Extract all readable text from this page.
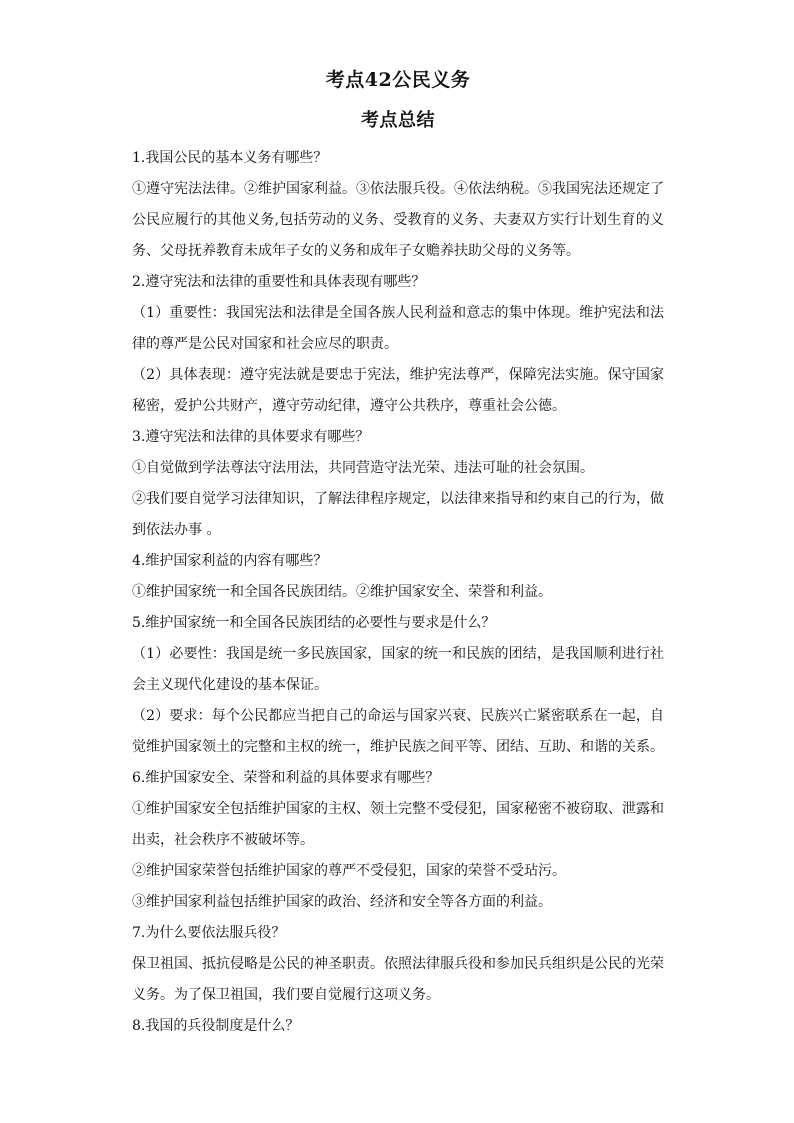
考点42公民义务
考点总结

1.我国公民的基本义务有哪些？

①遵守宪法法律。②维护国家利益。③依法服兵役。④依法纳税。⑤我国宪法还规定了公民应履行的其他义务,包括劳动的义务、受教育的义务、夫妻双方实行计划生育的义务、父母抚养教育未成年子女的义务和成年子女赡养扶助父母的义务等。

2.遵守宪法和法律的重要性和具体表现有哪些？

（1）重要性：我国宪法和法律是全国各族人民利益和意志的集中体现。维护宪法和法律的尊严是公民对国家和社会应尽的职责。

（2）具体表现：遵守宪法就是要忠于宪法，维护宪法尊严，保障宪法实施。保守国家秘密，爱护公共财产，遵守劳动纪律，遵守公共秩序，尊重社会公德。

3.遵守宪法和法律的具体要求有哪些？

①自觉做到学法尊法守法用法，共同营造守法光荣、违法可耻的社会氛围。

②我们要自觉学习法律知识，了解法律程序规定，以法律来指导和约束自己的行为，做到依法办事 。

4.维护国家利益的内容有哪些？

①维护国家统一和全国各民族团结。②维护国家安全、荣誉和利益。

5.维护国家统一和全国各民族团结的必要性与要求是什么？

（1）必要性：我国是统一多民族国家，国家的统一和民族的团结，是我国顺利进行社会主义现代化建设的基本保证。

（2）要求：每个公民都应当把自己的命运与国家兴衰、民族兴亡紧密联系在一起，自觉维护国家领土的完整和主权的统一，维护民族之间平等、团结、互助、和谐的关系。

6.维护国家安全、荣誉和利益的具体要求有哪些？

①维护国家安全包括维护国家的主权、领土完整不受侵犯，国家秘密不被窃取、泄露和出卖，社会秩序不被破坏等。

②维护国家荣誉包括维护国家的尊严不受侵犯，国家的荣誉不受玷污。

③维护国家利益包括维护国家的政治、经济和安全等各方面的利益。

7.为什么要依法服兵役？

保卫祖国、抵抗侵略是公民的神圣职责。依照法律服兵役和参加民兵组织是公民的光荣义务。为了保卫祖国，我们要自觉履行这项义务。

8.我国的兵役制度是什么？
